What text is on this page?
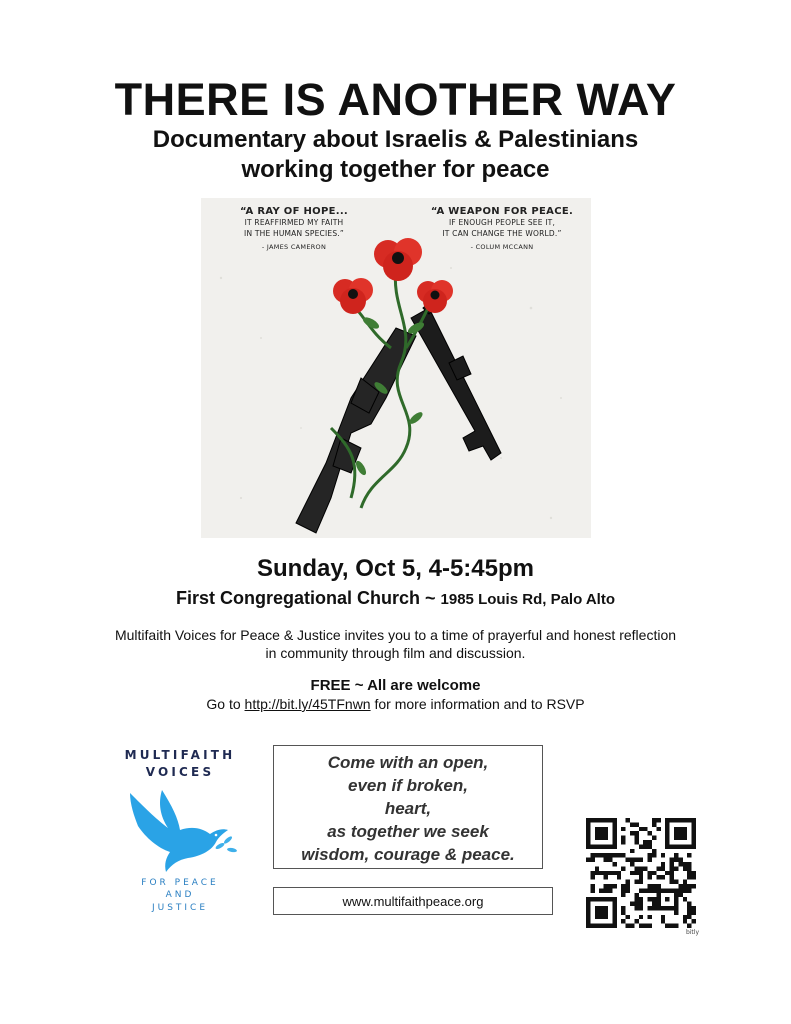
THERE IS ANOTHER WAY
Documentary about Israelis & Palestinians
working together for peace
“A RAY OF HOPE...
IT REAFFIRMED MY FAITH
IN THE HUMAN SPECIES.”
- JAMES CAMERON
“A WEAPON FOR PEACE.
IF ENOUGH PEOPLE SEE IT,
IT CAN CHANGE THE WORLD.”
- COLUM MCCANN
Sunday, Oct 5, 4-5:45pm
First Congregational Church ~ 1985 Louis Rd, Palo Alto
Multifaith Voices for Peace & Justice invites you to a time of prayerful and honest reflection
in community through film and discussion.
FREE ~ All are welcome
Go to http://bit.ly/45TFnwn for more information and to RSVP
MULTIFAITH
VOICES
FOR PEACE
AND
JUSTICE
Come with an open,
even if broken,
heart,
as together we seek
wisdom, courage & peace.
www.multifaithpeace.org
bitly
